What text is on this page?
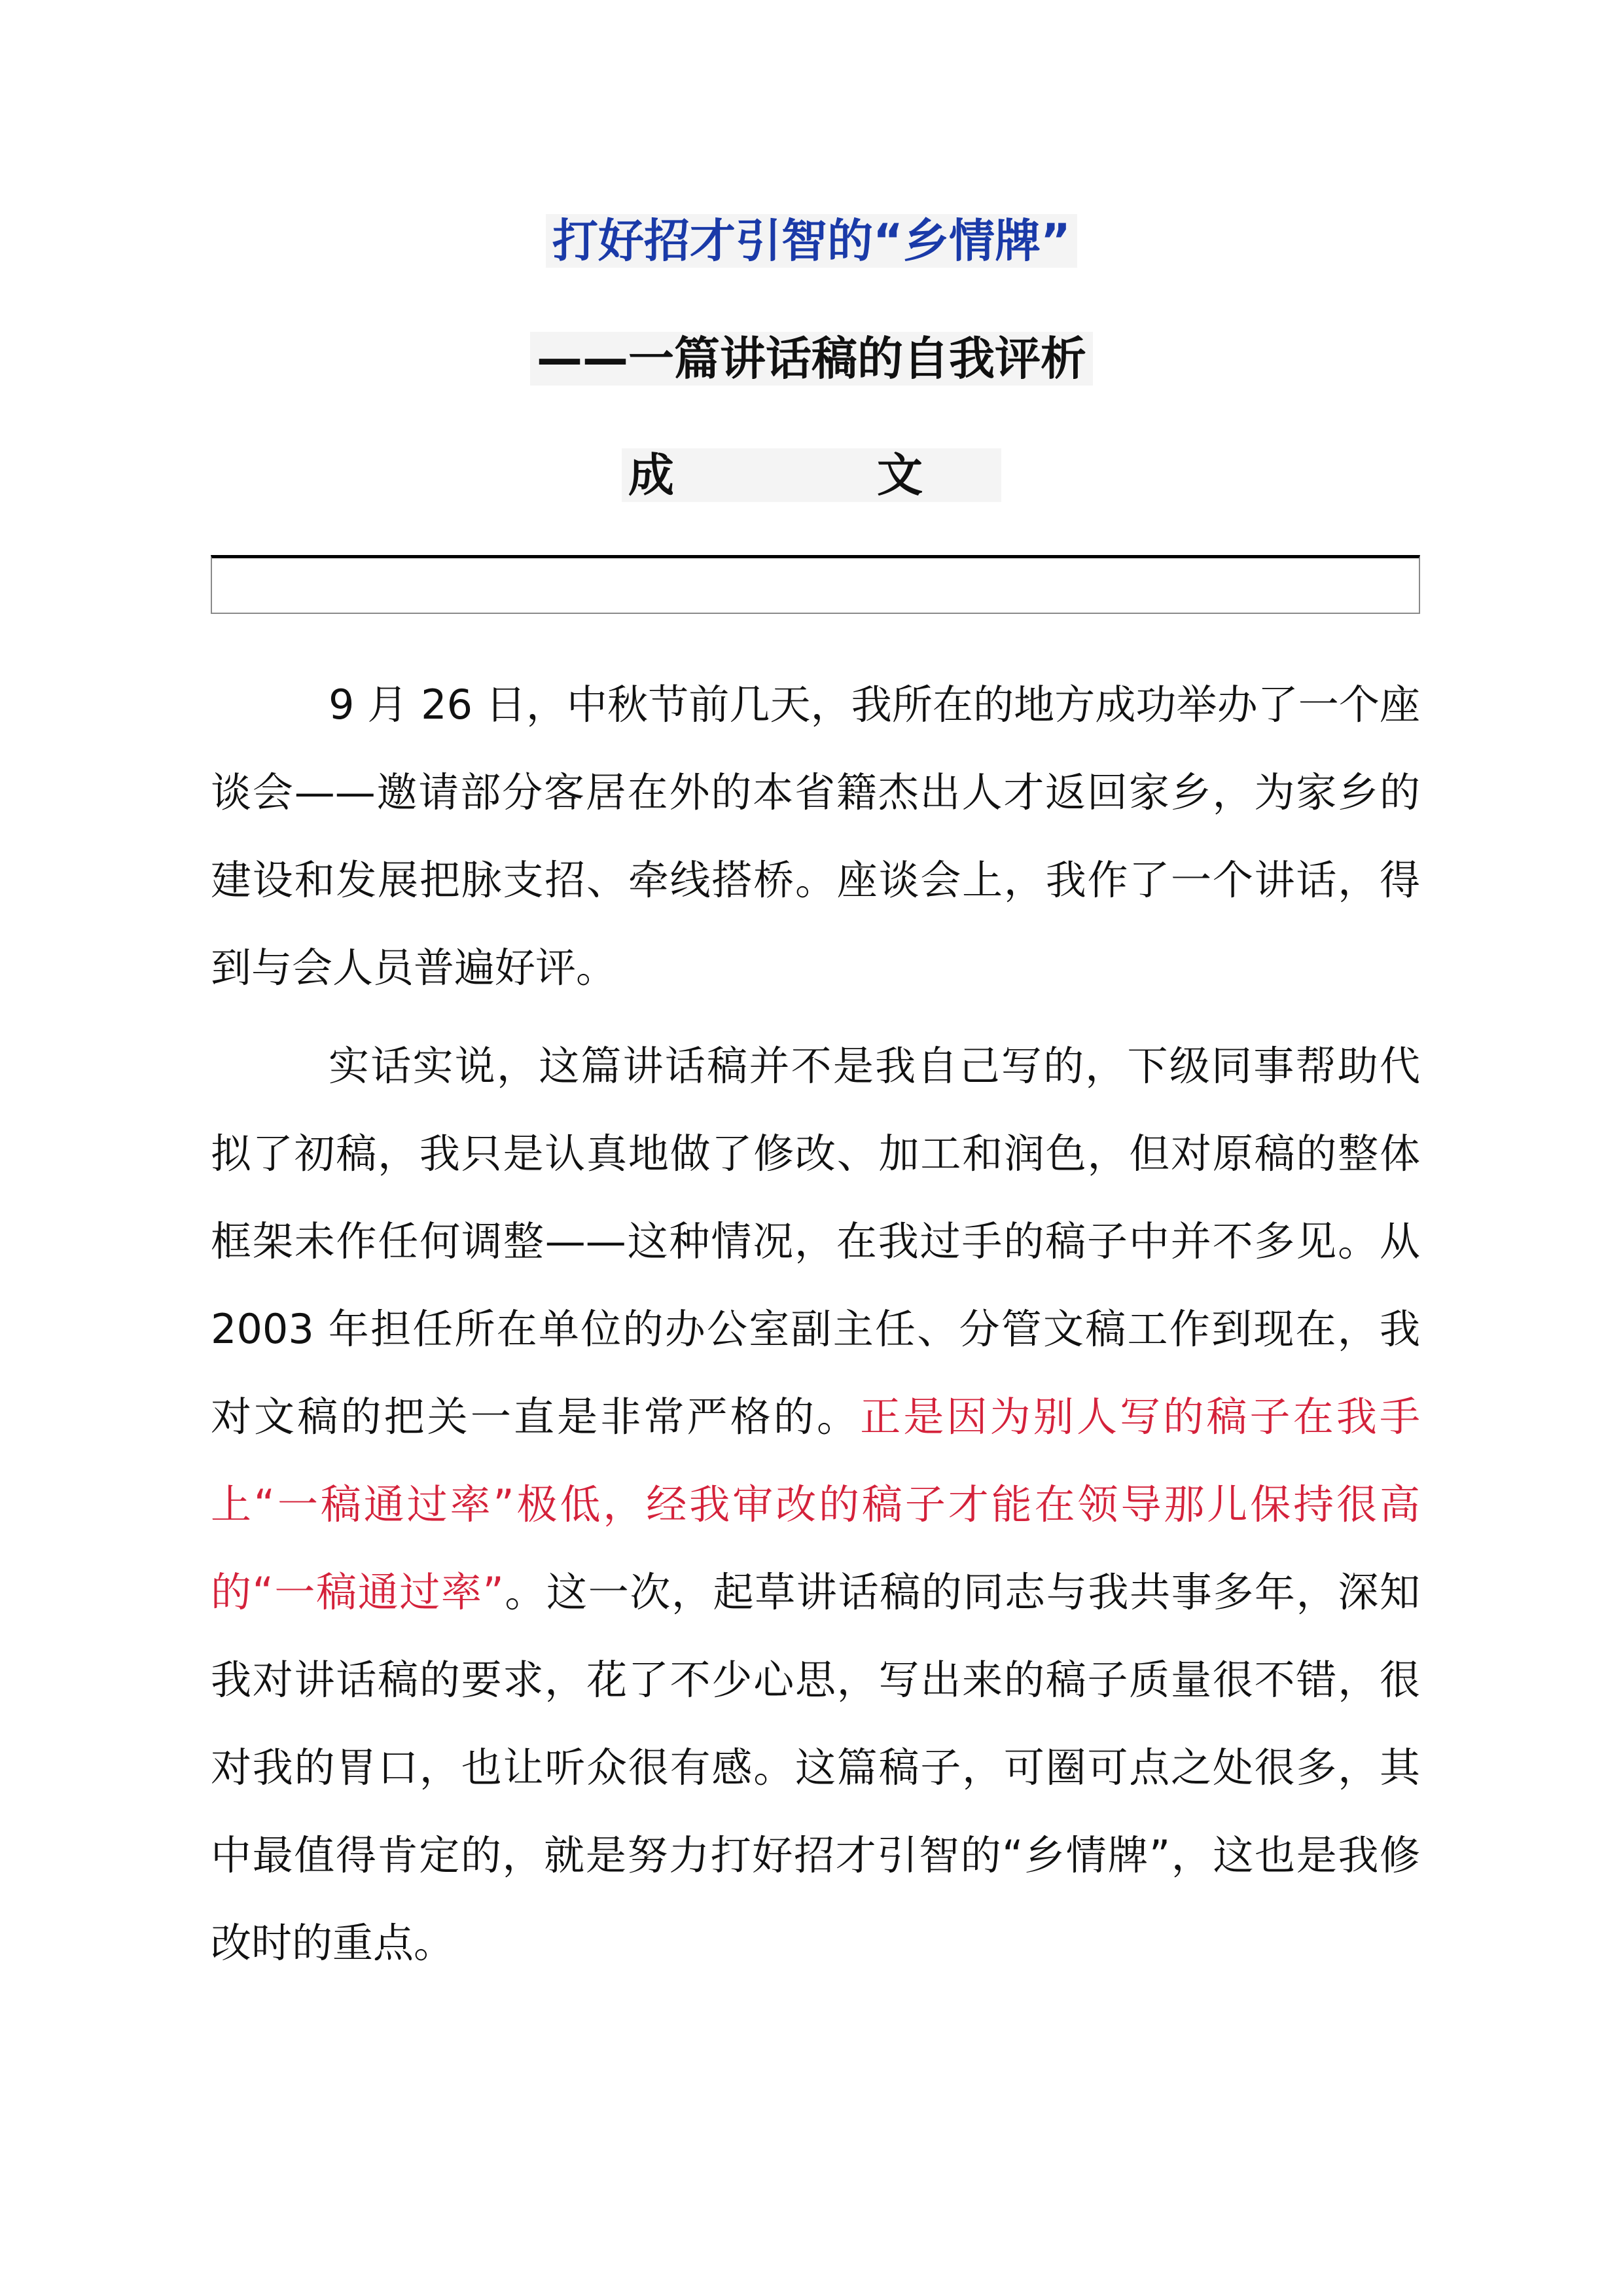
打好招才引智的“乡情牌”
——一篇讲话稿的自我评析
成　文

9 月 26 日，中秋节前几天，我所在的地方成功举办了一个座谈会——邀请部分客居在外的本省籍杰出人才返回家乡，为家乡的建设和发展把脉支招、牵线搭桥。座谈会上，我作了一个讲话，得到与会人员普遍好评。

实话实说，这篇讲话稿并不是我自己写的，下级同事帮助代拟了初稿，我只是认真地做了修改、加工和润色，但对原稿的整体框架未作任何调整——这种情况，在我过手的稿子中并不多见。从 2003 年担任所在单位的办公室副主任、分管文稿工作到现在，我对文稿的把关一直是非常严格的。正是因为别人写的稿子在我手上“一稿通过率”极低，经我审改的稿子才能在领导那儿保持很高的“一稿通过率”。这一次，起草讲话稿的同志与我共事多年，深知我对讲话稿的要求，花了不少心思，写出来的稿子质量很不错，很对我的胃口，也让听众很有感。这篇稿子，可圈可点之处很多，其中最值得肯定的，就是努力打好招才引智的“乡情牌”，这也是我修改时的重点。
